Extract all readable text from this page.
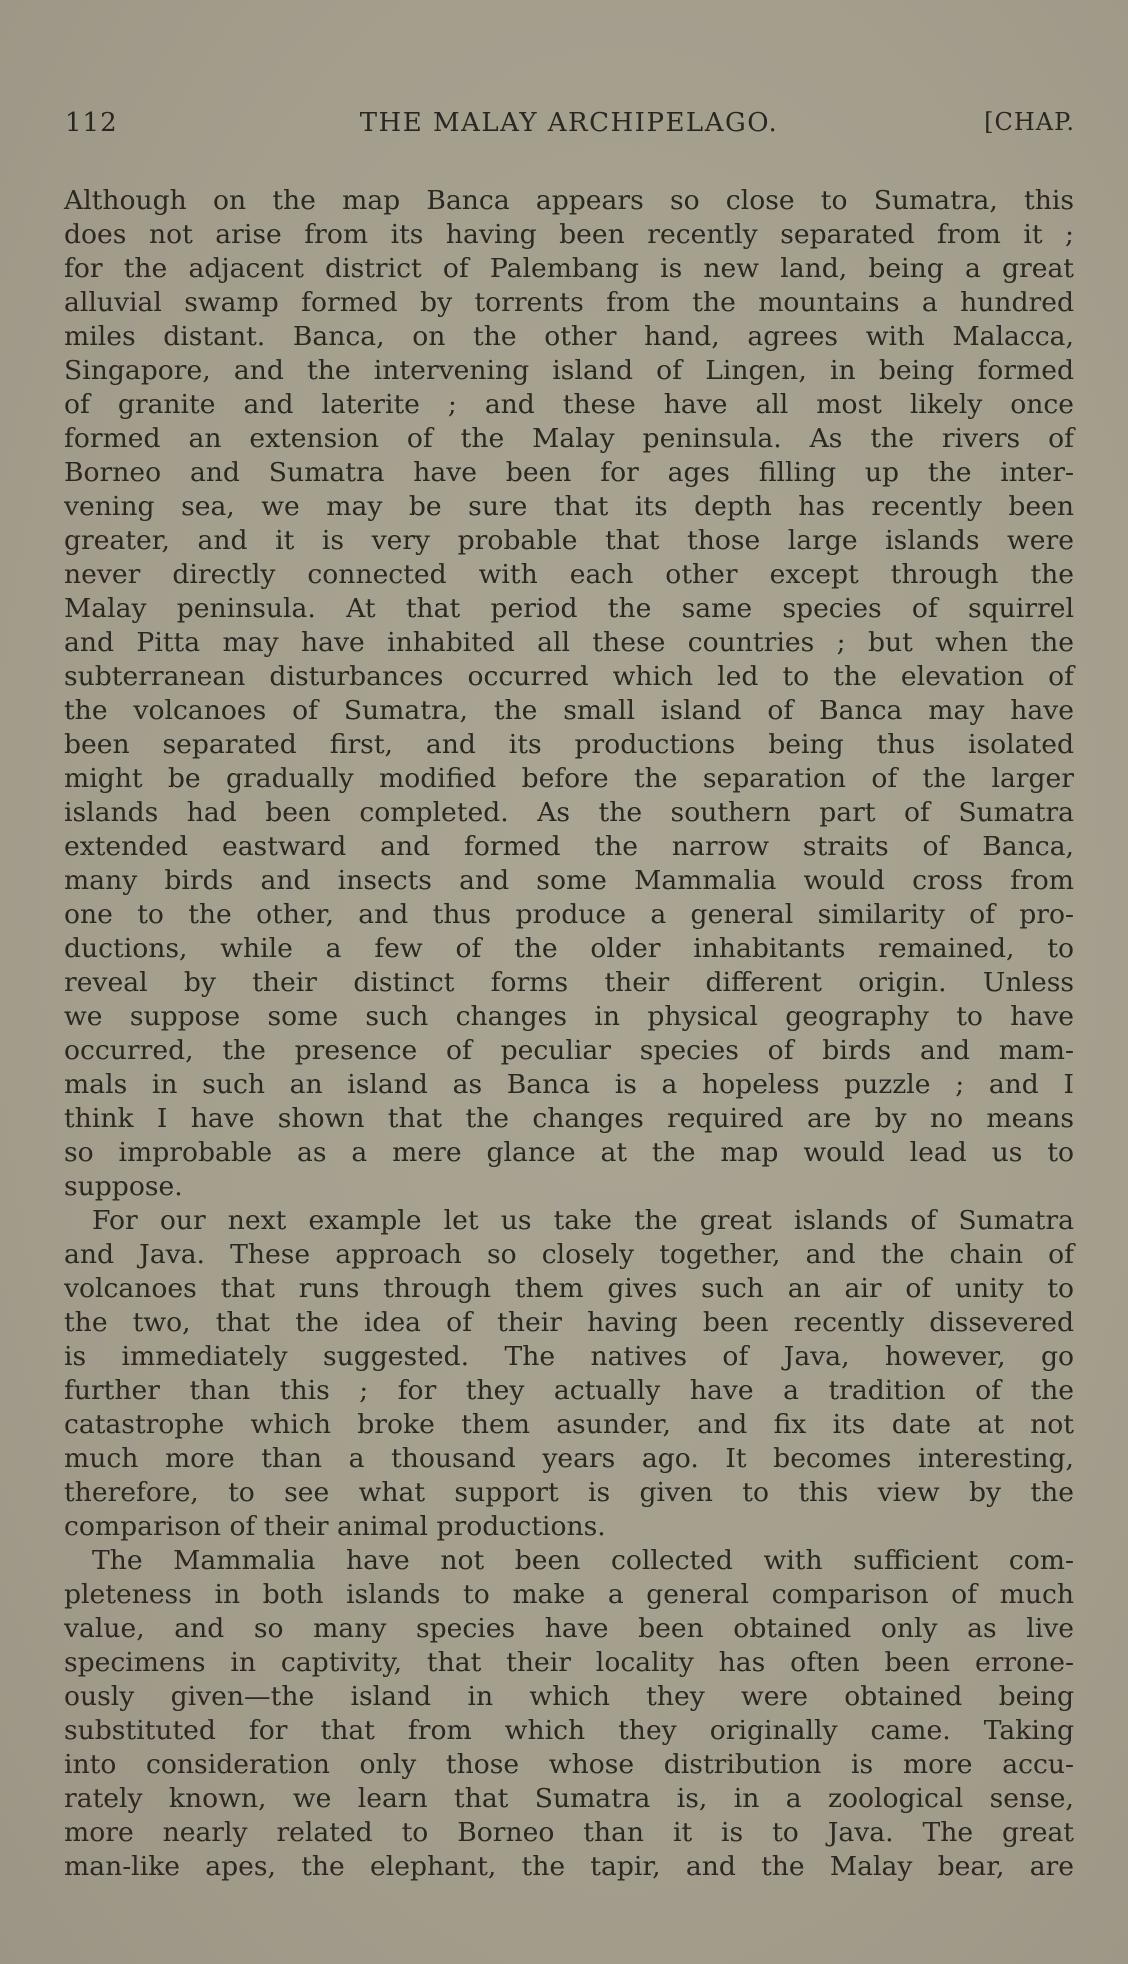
112	THE MALAY ARCHIPELAGO.	[CHAP.

Although on the map Banca appears so close to Sumatra, this

does not arise from its having been recently separated from it ;

for the adjacent district of Palembang is new land, being a great

alluvial swamp formed by torrents from the mountains a hundred

miles distant. Banca, on the other hand, agrees with Malacca,

Singapore, and the intervening island of Lingen, in being formed

of granite and laterite ; and these have all most likely once

formed an extension of the Malay peninsula. As the rivers of

Borneo and Sumatra have been for ages filling up the inter-

vening sea, we may be sure that its depth has recently been

greater, and it is very probable that those large islands were

never directly connected with each other except through the

Malay peninsula. At that period the same species of squirrel

and Pitta may have inhabited all these countries ; but when the

subterranean disturbances occurred which led to the elevation of

the volcanoes of Sumatra, the small island of Banca may have

been separated first, and its productions being thus isolated

might be gradually modified before the separation of the larger

islands had been completed. As the southern part of Sumatra

extended eastward and formed the narrow straits of Banca,

many birds and insects and some Mammalia would cross from

one to the other, and thus produce a general similarity of pro-

ductions, while a few of the older inhabitants remained, to

reveal by their distinct forms their different origin. Unless

we suppose some such changes in physical geography to have

occurred, the presence of peculiar species of birds and mam-

mals in such an island as Banca is a hopeless puzzle ; and I

think I have shown that the changes required are by no means

so improbable as a mere glance at the map would lead us to

suppose.

For our next example let us take the great islands of Sumatra

and Java. These approach so closely together, and the chain of

volcanoes that runs through them gives such an air of unity to

the two, that the idea of their having been recently dissevered

is immediately suggested. The natives of Java, however, go

further than this ; for they actually have a tradition of the

catastrophe which broke them asunder, and fix its date at not

much more than a thousand years ago. It becomes interesting,

therefore, to see what support is given to this view by the

comparison of their animal productions.

The Mammalia have not been collected with sufficient com-

pleteness in both islands to make a general comparison of much

value, and so many species have been obtained only as live

specimens in captivity, that their locality has often been errone-

ously given—the island in which they were obtained being

substituted for that from which they originally came. Taking

into consideration only those whose distribution is more accu-

rately known, we learn that Sumatra is, in a zoological sense,

more nearly related to Borneo than it is to Java. The great

man-like apes, the elephant, the tapir, and the Malay bear, are
